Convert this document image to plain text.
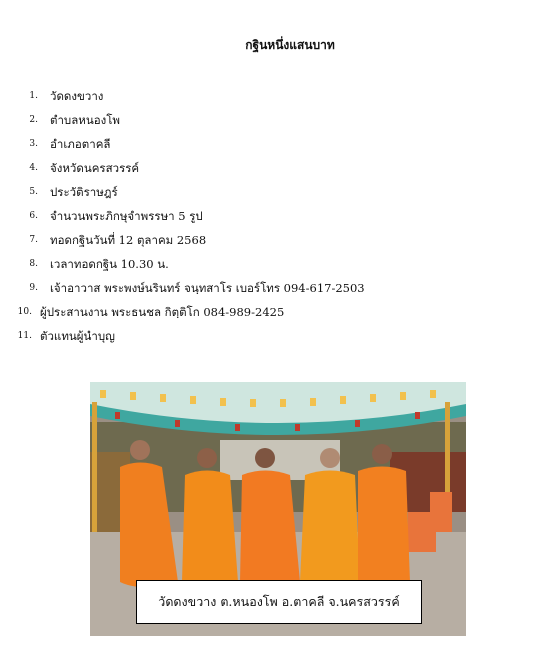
กฐินหนึ่งแสนบาท
1. วัดดงขวาง
2. ตำบลหนองโพ
3. อำเภอตาคลี
4. จังหวัดนครสวรรค์
5. ประวัติราษฎร์
6. จำนวนพระภิกษุจำพรรษา 5 รูป
7. ทอดกฐินวันที่ 12 ตุลาคม 2568
8. เวลาทอดกฐิน 10.30 น.
9. เจ้าอาวาส พระพงษ์นรินทร์ จนฺทสาโร เบอร์โทร 094-617-2503
10. ผู้ประสานงาน พระธนชล กิตฺติโก 084-989-2425
11. ตัวแทนผู้นำบุญ
วัดดงขวาง ต.หนองโพ อ.ตาคลี จ.นครสวรรค์
